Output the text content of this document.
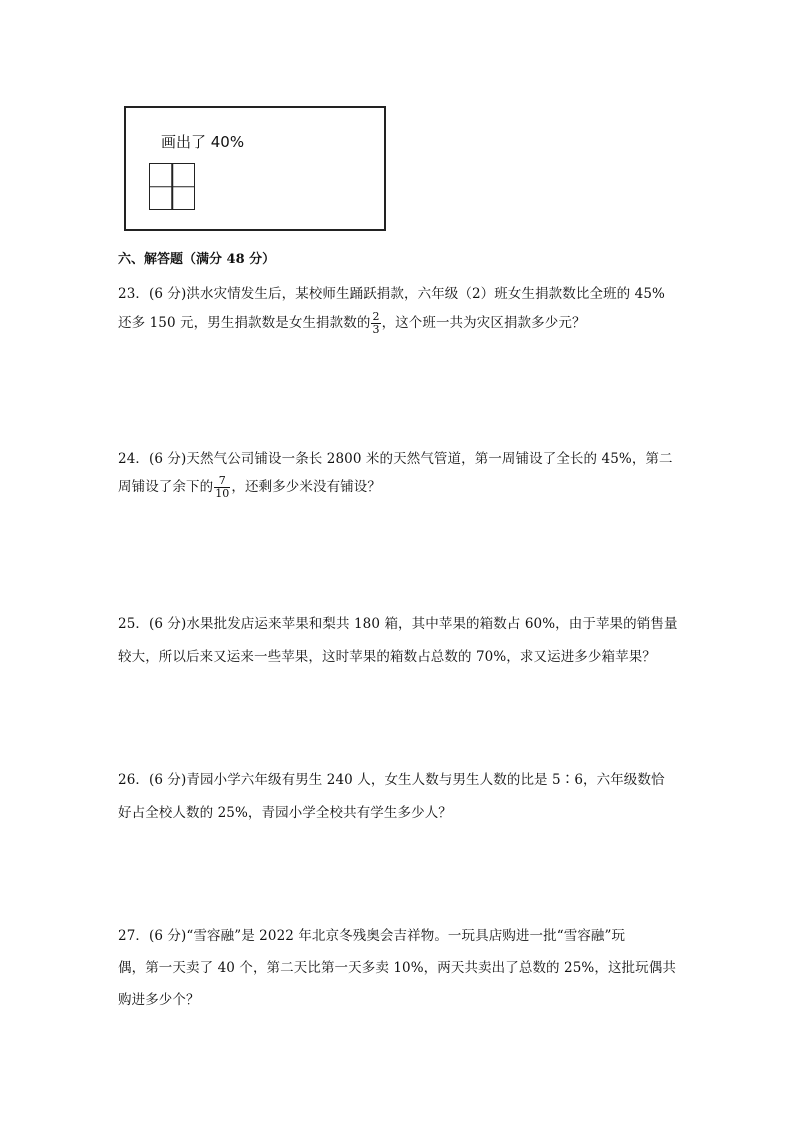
画出了 40%
六、解答题（满分 48 分）
23．(6 分)洪水灾情发生后，某校师生踊跃捐款，六年级（2）班女生捐款数比全班的 45%
还多 150 元，男生捐款数是女生捐款数的 $\frac{2}{3}$ ，这个班一共为灾区捐款多少元？
24．(6 分)天然气公司铺设一条长 2800 米的天然气管道，第一周铺设了全长的 45%，第二
周铺设了余下的 $\frac{7}{10}$ ，还剩多少米没有铺设？
25．(6 分)水果批发店运来苹果和梨共 180 箱，其中苹果的箱数占 60%，由于苹果的销售量
较大，所以后来又运来一些苹果，这时苹果的箱数占总数的 70%，求又运进多少箱苹果？
26．(6 分)青园小学六年级有男生 240 人，女生人数与男生人数的比是 5∶6，六年级数恰
好占全校人数的 25%，青园小学全校共有学生多少人？
27．(6 分)“雪容融”是 2022 年北京冬残奥会吉祥物。一玩具店购进一批“雪容融”玩
偶，第一天卖了 40 个，第二天比第一天多卖 10%，两天共卖出了总数的 25%，这批玩偶共
购进多少个？
